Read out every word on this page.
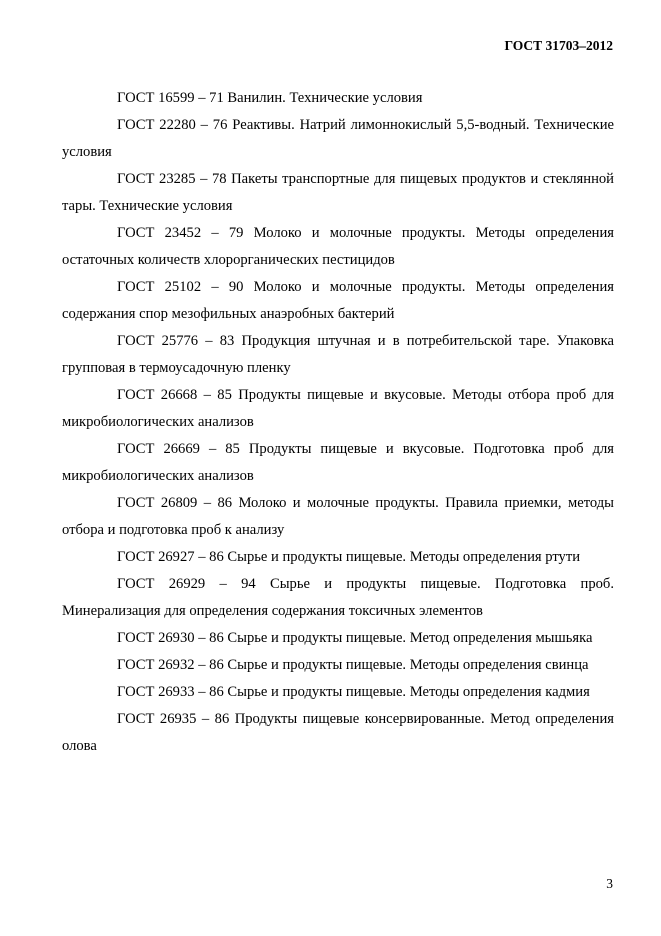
ГОСТ 31703–2012

ГОСТ 16599 – 71 Ванилин. Технические условия

ГОСТ 22280 – 76 Реактивы. Натрий лимоннокислый 5,5-водный. Технические условия

ГОСТ 23285 – 78 Пакеты транспортные для пищевых продуктов и стеклянной тары. Технические условия

ГОСТ 23452 – 79 Молоко и молочные продукты. Методы определения остаточных количеств хлорорганических пестицидов

ГОСТ 25102 – 90 Молоко и молочные продукты. Методы определения содержания спор мезофильных анаэробных бактерий

ГОСТ 25776 – 83 Продукция штучная и в потребительской таре. Упаковка групповая в термоусадочную пленку

ГОСТ 26668 – 85 Продукты пищевые и вкусовые. Методы отбора проб для микробиологических анализов

ГОСТ 26669 – 85 Продукты пищевые и вкусовые. Подготовка проб для микробиологических анализов

ГОСТ 26809 – 86 Молоко и молочные продукты. Правила приемки, методы отбора и подготовка проб к анализу

ГОСТ 26927 – 86 Сырье и продукты пищевые. Методы определения ртути

ГОСТ 26929 – 94 Сырье и продукты пищевые. Подготовка проб. Минерализация для определения содержания токсичных элементов

ГОСТ 26930 – 86 Сырье и продукты пищевые. Метод определения мышьяка

ГОСТ 26932 – 86 Сырье и продукты пищевые. Методы определения свинца

ГОСТ 26933 – 86 Сырье и продукты пищевые. Методы определения кадмия

ГОСТ 26935 – 86 Продукты пищевые консервированные. Метод определения олова

3
